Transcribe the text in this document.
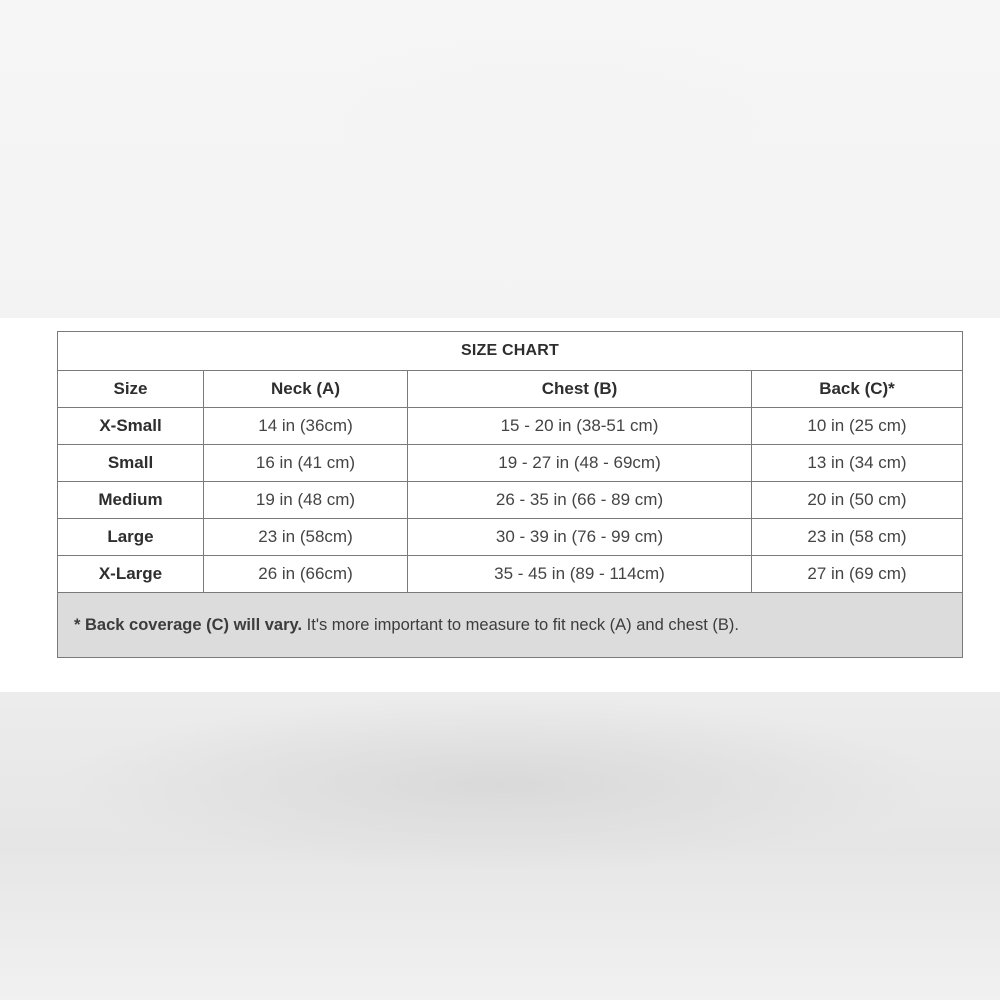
SIZE CHART			
Size	Neck (A)	Chest (B)	Back (C)*
X-Small	14 in (36cm)	15 - 20 in (38-51 cm)	10 in (25 cm)
Small	16 in (41 cm)	19 - 27 in (48 - 69cm)	13 in (34 cm)
Medium	19 in (48 cm)	26 - 35 in (66 - 89 cm)	20 in (50 cm)
Large	23 in (58cm)	30 - 39 in (76 - 99 cm)	23 in (58 cm)
X-Large	26 in (66cm)	35 - 45 in (89 - 114cm)	27 in (69 cm)
* Back coverage (C) will vary. It's more important to measure to fit neck (A) and chest (B).			
